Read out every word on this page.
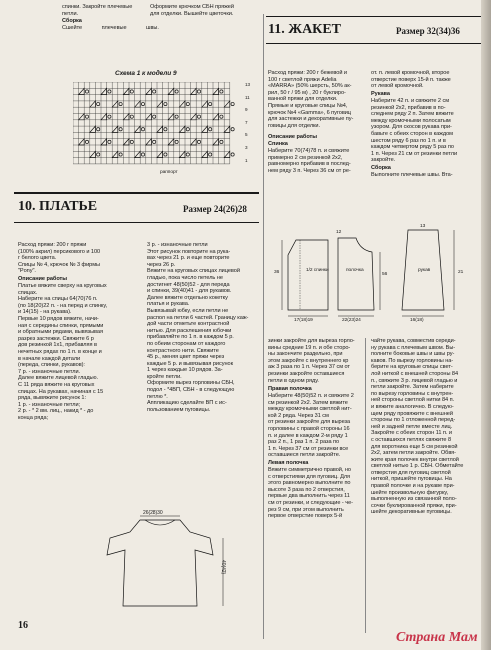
спинки. Закройте плечевые
петли.
Сборка
Сшейте плечевые швы.
Оформите крючком СБН пряжей
для отделки. Вышейте цветочки.
Схема 1 к модели 9
13
11
9
7
5
3
1
раппорт
10. ПЛАТЬЕ	Размер 24(26)28
Расход пряжи: 200 г пряжи
(100% акрил) персикового и 100
г белого цвета.
Спицы № 4, крючок № 3 фирмы
"Pony".
Описание работы
Платье вяжите сверху на круговых
спицах.
Наберите на спицы 64(70)76 п.
(по 18(20)22 п. - на перед и спинку,
и 14(15) - на рукава).
Первые 10 рядов вяжите, начи-
ная с середины спинки, прямыми
и обратными рядами, вывязывая
разрез застежки. Свяжите 6 р
дов резинкой 1х1, прибавляя в
нечетных рядах по 1 п. в конце и
в начале каждой детали
(переда, спинки, рукавов):
7 р. - изнаночные петли.
Далее вяжите лицевой гладью.
С 11 ряда вяжите на круговых
спицах. На рукавах, начиная с 15
ряда, вывяжите рисунок 1:
1 р. - изнаночные петли;
2 р. - * 2 вм. лиц., накид * - до
конца ряда;
3 р. - изнаночные петли
Этот рисунок повторите на рука-
вах через 21 р. и еще повторите
через 26 р.
Вяжите на круговых спицах лицевой
гладью, пока число петель не
достигнет 48(50)52 - для переда
и спинки, 39(40)41 - для рукавов.
Далее вяжите отдельно кокетку
платья и рукава.
Вывязывай юбку, если петли не
распол на петли 6 частей. Границу каж-
дой части отметьте контрастной
нитью. Для расклешения юбочки
прибавляйте по 1 п. в каждом 5 р.
по обеим сторонам от каждого
контрастного нити. Свяжите
45 р., меняя цвет пряжи через
каждые 5 р. и вывязывая рисунок
1 через каждые 10 рядов. За-
кройте петли.
Оформите вырез горловины СБН,
подол - *4ВП, СБН - в следующую
петлю *.
Аппликацию сделайте ВП с ис-
пользованием пуговицы.
26(28)30
40(42)
11. ЖАКЕТ	Размер 32(34)36
Расход пряжи: 200 г бежевой и
100 г светлой пряжи Adelia
«MARRA» (50% шерсть, 50% ак-
рил, 50 г / 95 м) , 20 г буклиро-
ванной пряжи для отделки.
Прямые и круговые спицы №4,
крючок №4 «Gamma», 6 пуговиц
для застежки и декоративные пу-
говицы для отделки.
Описание работы
Спинка
Наберите 70(74)78 п. и свяжите
примерно 2 см резинкой 2х2,
равномерно прибавив в послед-
нем ряду 3 п. Через 36 см от ре-
от. п. левой кромочной, второе
отверстие поверх 15-й п. также
от левой кромочной.
Рукава
Наберите 42 п. и свяжите 2 см
резинкой 2х2, прибавив в по-
следнем ряду 2 п. Затем вяжите
между кромочными полосатым
узором. Для скосов рукава при-
бавьте с обеих сторон в каждом
шестом ряду 6 раз по 1 п. и в
каждом четвертом ряду 5 раз по
1 п. Через 21 см от резинки петли
закройте.
Сборка
Выполните плечевые швы. Вта-
1/2 спинки	полочка	рукав
17(18)19	22(23)24	16(18)
12
13
36	56	21
зинки закройте для выреза горло-
вины средние 19 п. и обе сторо-
ны закончите раздельно, при
этом закройте с внутреннего кр
аж 3 раза по 1 п. Через 37 см от
резинки закройте оставшиеся
петли в одном ряду.
Правая полочка
Наберите 48(50)52 п. и свяжите 2
см резинкой 2х2. Затем вяжите
между кромочными светлой нит-
кой 2 ряда. Через 31 см
от резинки закройте для выреза
горловины с правой стороны 16
п. и далее в каждом 2-м ряду 1
раз 2 п., 1 раз 1 п. 2 раза по
1 п. Через 37 см от резинки все
оставшиеся петли закройте.
Левая полочка
Вяжите симметрично правой, но
с отверстиями для пуговиц. Для
этого равномерно выполните по
высоте 3 раза по 2 отверстия,
первые два выполнить через 11
см от резинки, и следующие - че-
рез 9 см, при этом выполнить
первое отверстие поверх 5-й
чайте рукава, совместив середи-
ну рукава с плечевым швом. Вы-
полните боковые швы и швы ру-
кавов. По вырезу горловины на-
берите на круговые спицы свет-
лой ниткой с внешней стороны 84
п., свяжите 3 р. лицевой гладью и
петли закройте. Затем наберите
по вырезу горловины с внутрен-
ней стороны светлой нитки 84 п.
и вяжите аналогично. В следую-
щем ряду провяжите с внешней
стороны по 1 отложенной перед-
ней и задней петле вместе лиц.
Закройте с обеих сторон 11 п. и
с оставшихся петлях свяжите 8
для воротника еще 5 см резинкой
2х2, затем петли закройте. Обвя-
жите края полочек внутри светлой
светлой нитью 1 р. СБН. Обметайте
отверстия для пуговиц светлой
ниткой, пришейте пуговицы. На
правой полочке и на рукаве при-
шейте произвольную фигурку,
выполненную из связанной поло-
сочки буклированной пряжи, при-
шейте декоративные пуговицы.
16
Страна Мам
